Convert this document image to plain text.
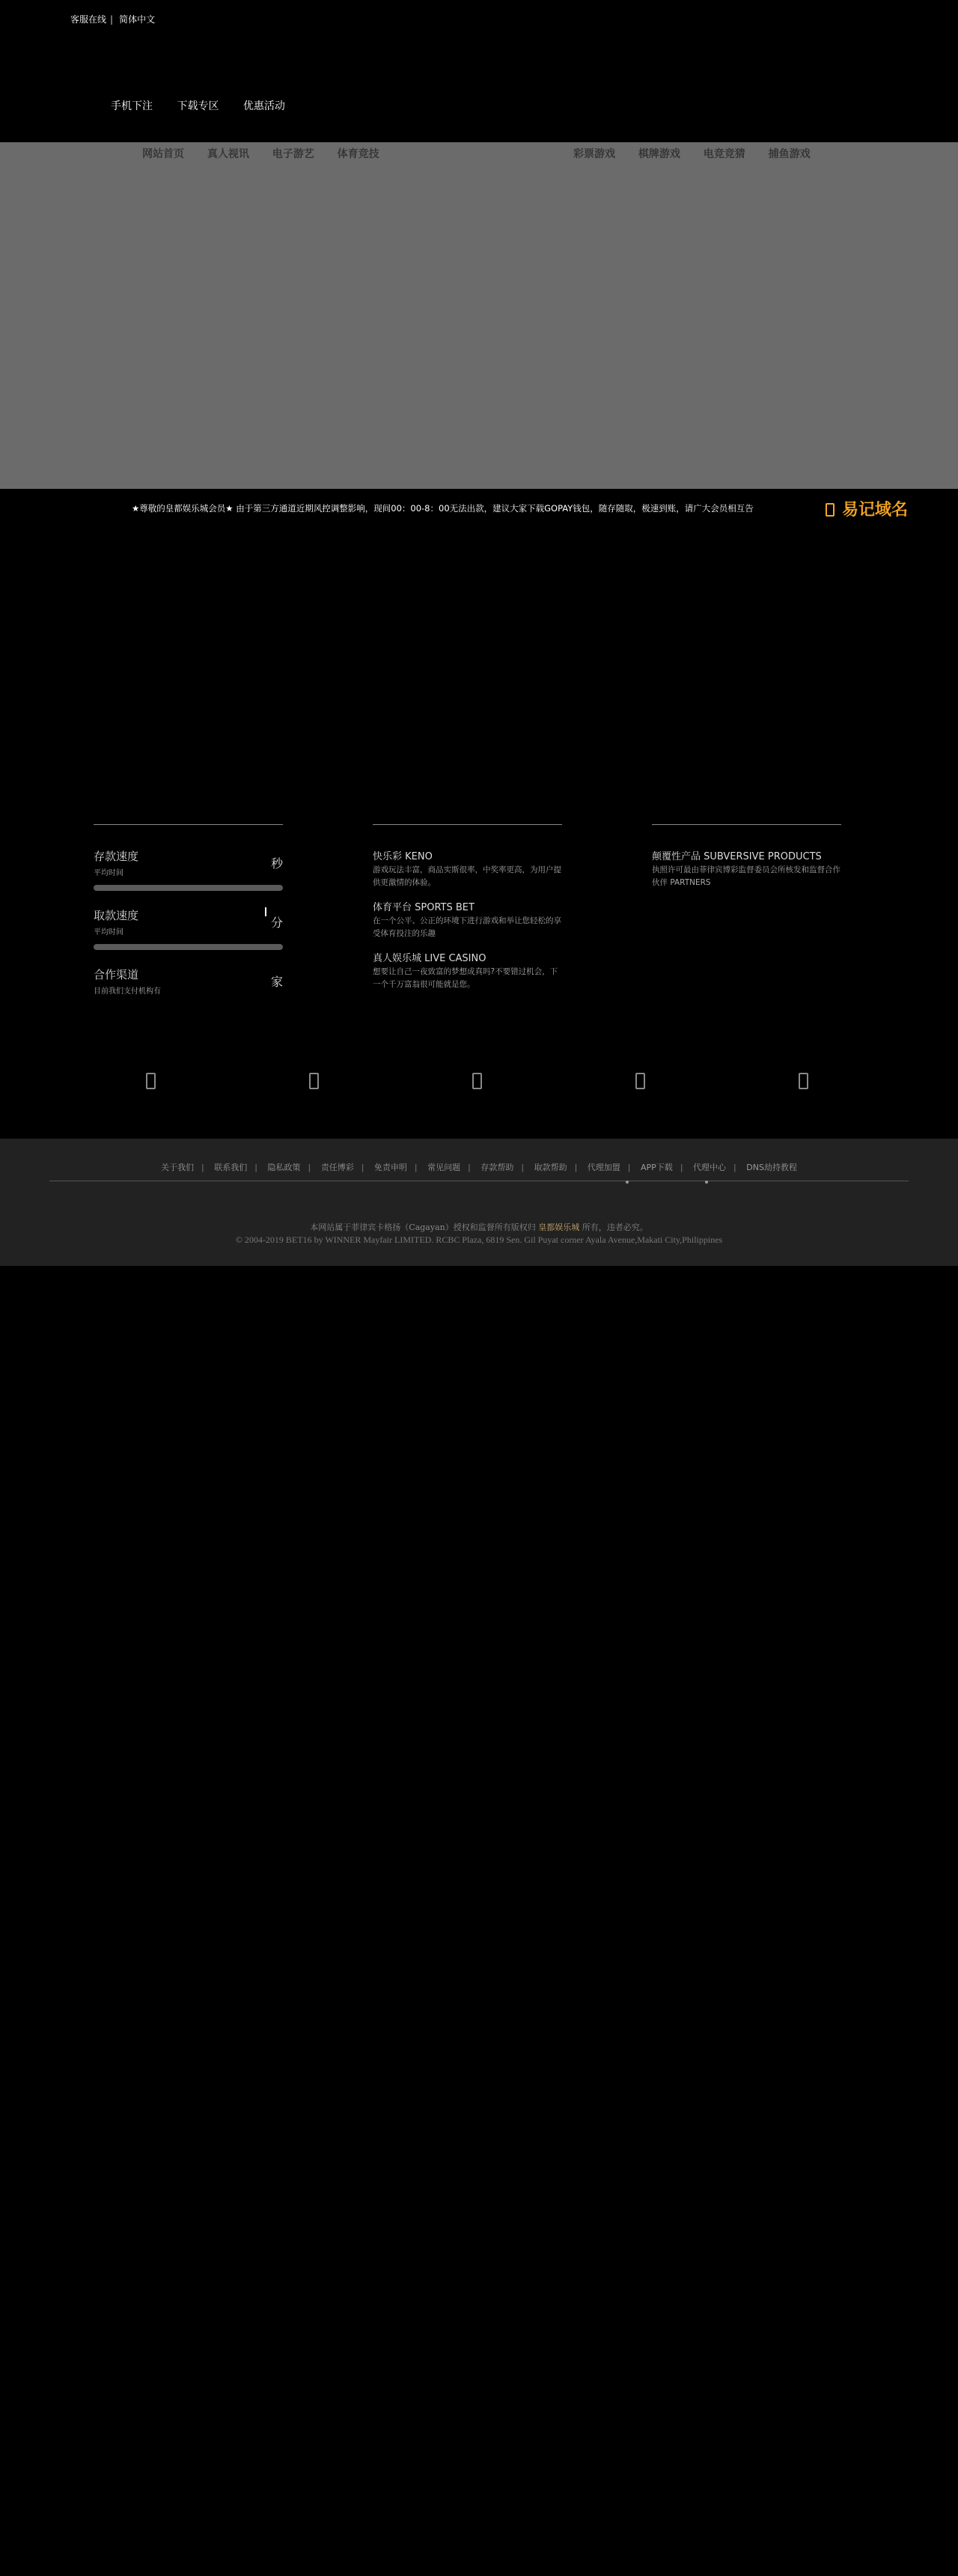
客服在线 | 简体中文
手机下注 下载专区 优惠活动
网站首页 真人视讯 电子游艺 体育竞技	彩票游戏 棋牌游戏 电竞竞猜 捕鱼游戏
★尊敬的皇都娱乐城会员★ 由于第三方通道近期风控调整影响，现间00：00-8：00无法出款，建议大家下载GOPAY钱包，随存随取，极速到账，请广大会员相互告	易记域名
存款速度
平均时间
秒
取款速度
平均时间
分
合作渠道
目前我们支付机构有
家
快乐彩 KENO
游戏玩法丰富，商品实斯很率，中奖率更高，为用户提供更激情的体验。
体育平台 SPORTS BET
在一个公平、公正的环境下进行游戏和举让您轻松的享受体育投注的乐趣
真人娱乐城 LIVE CASINO
想要让自己一夜致富的梦想成真吗?不要错过机会，下一个千万富翁很可能就是您。
颠覆性产品 SUBVERSIVE PRODUCTS
执照许可最由菲律宾博彩监督委员会所核发和监督合作伙伴 PARTNERS
关于我们 | 联系我们 | 隐私政策 | 责任博彩 | 免责申明 | 常见问题 | 存款帮助 | 取款帮助 | 代理加盟 | APP下载 | 代理中心 | DNS劫持教程
本网站属于菲律宾卡格扬（Cagayan）授权和监督所有版权归 皇都娱乐城 所有，违者必究。
© 2004-2019 BET16 by WINNER Mayfair LIMITED. RCBC Plaza, 6819 Sen. Gil Puyat corner Ayala Avenue,Makati City,Philippines
